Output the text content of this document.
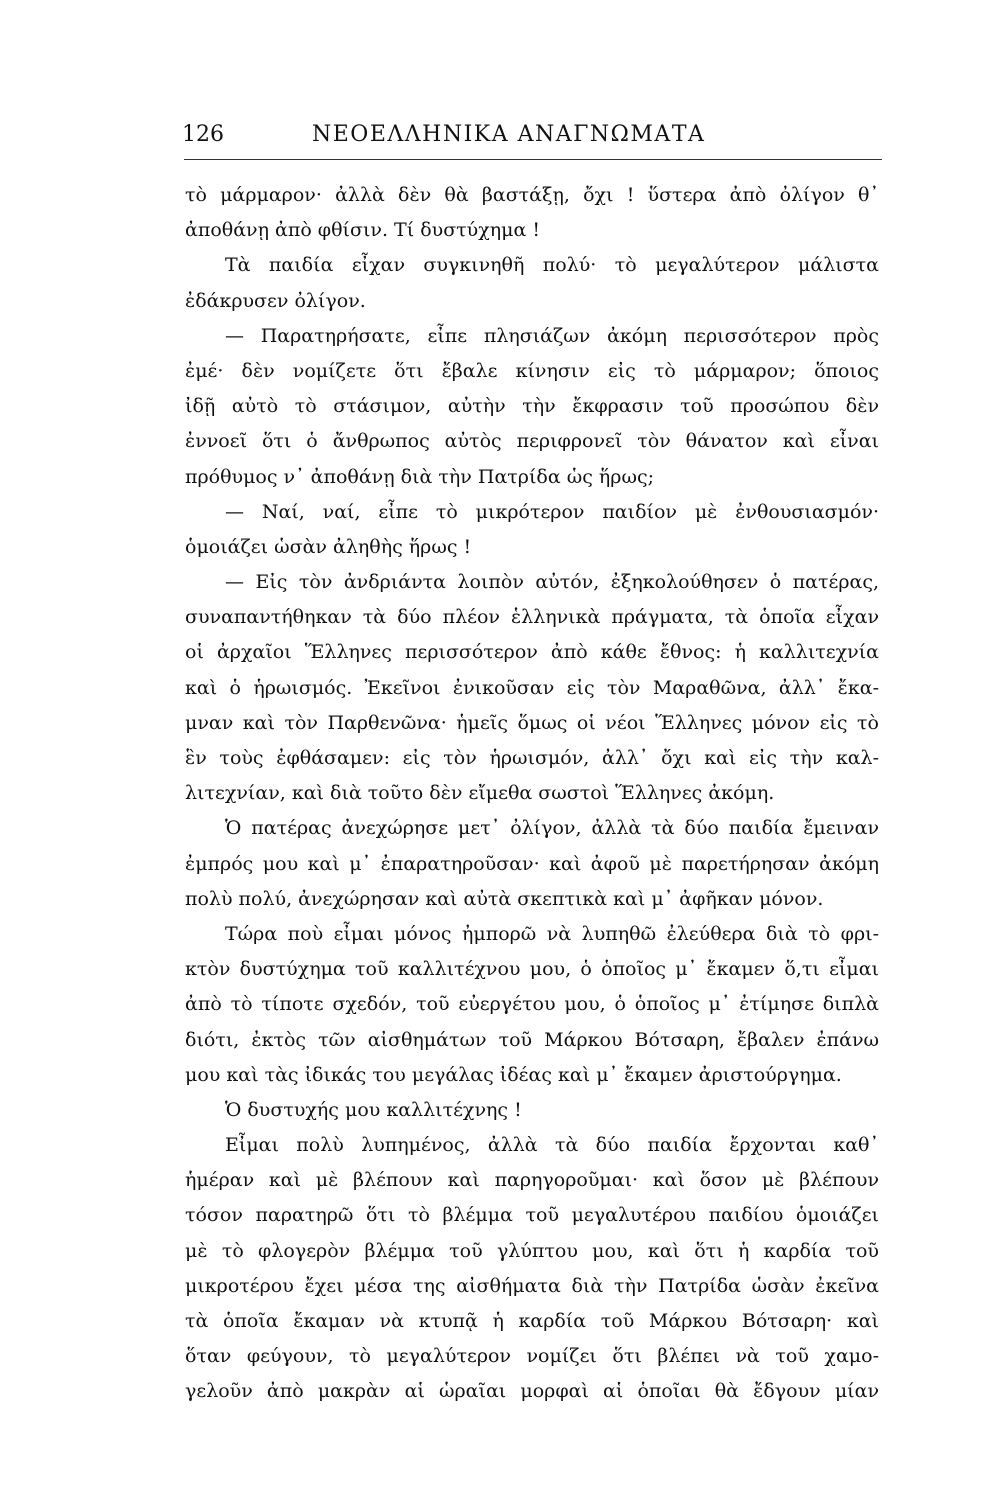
126	ΝΕΟΕΛΛΗΝΙΚΑ ΑΝΑΓΝΩΜΑΤΑ
τὸ μάρμαρον· ἀλλὰ δὲν θὰ βαστάξῃ, ὄχι ! ὕστερα ἀπὸ ὀλίγον θ᾽
ἀποθάνῃ ἀπὸ φθίσιν. Τί δυστύχημα !
Τὰ παιδία εἶχαν συγκινηθῆ πολύ· τὸ μεγαλύτερον μάλιστα
ἐδάκρυσεν ὀλίγον.
— Παρατηρήσατε, εἶπε πλησιάζων ἀκόμη περισσότερον πρὸς
ἐμέ· δὲν νομίζετε ὅτι ἔβαλε κίνησιν εἰς τὸ μάρμαρον; ὅποιος
ἰδῇ αὐτὸ τὸ στάσιμον, αὐτὴν τὴν ἔκφρασιν τοῦ προσώπου δὲν
ἐννοεῖ ὅτι ὁ ἄνθρωπος αὐτὸς περιφρονεῖ τὸν θάνατον καὶ εἶναι
πρόθυμος ν᾽ ἀποθάνῃ διὰ τὴν Πατρίδα ὡς ἥρως;
— Ναί, ναί, εἶπε τὸ μικρότερον παιδίον μὲ ἐνθουσιασμόν·
ὁμοιάζει ὡσὰν ἀληθὴς ἥρως !
— Εἰς τὸν ἀνδριάντα λοιπὸν αὐτόν, ἐξηκολούθησεν ὁ πατέρας,
συναπαντήθηκαν τὰ δύο πλέον ἑλληνικὰ πράγματα, τὰ ὁποῖα εἶχαν
οἱ ἀρχαῖοι Ἕλληνες περισσότερον ἀπὸ κάθε ἔθνος: ἡ καλλιτεχνία
καὶ ὁ ἡρωισμός. Ἐκεῖνοι ἐνικοῦσαν εἰς τὸν Μαραθῶνα, ἀλλ᾽ ἔκα-
μναν καὶ τὸν Παρθενῶνα· ἡμεῖς ὅμως οἱ νέοι Ἕλληνες μόνον εἰς τὸ
ἓν τοὺς ἐφθάσαμεν: εἰς τὸν ἡρωισμόν, ἀλλ᾽ ὄχι καὶ εἰς τὴν καλ-
λιτεχνίαν, καὶ διὰ τοῦτο δὲν εἴμεθα σωστοὶ Ἕλληνες ἀκόμη.
Ὁ πατέρας ἀνεχώρησε μετ᾽ ὀλίγον, ἀλλὰ τὰ δύο παιδία ἔμειναν
ἐμπρός μου καὶ μ᾽ ἐπαρατηροῦσαν· καὶ ἀφοῦ μὲ παρετήρησαν ἀκόμη
πολὺ πολύ, ἀνεχώρησαν καὶ αὐτὰ σκεπτικὰ καὶ μ᾽ ἀφῆκαν μόνον.
Τώρα ποὺ εἶμαι μόνος ἠμπορῶ νὰ λυπηθῶ ἐλεύθερα διὰ τὸ φρι-
κτὸν δυστύχημα τοῦ καλλιτέχνου μου, ὁ ὁποῖος μ᾽ ἔκαμεν ὅ,τι εἶμαι
ἀπὸ τὸ τίποτε σχεδόν, τοῦ εὐεργέτου μου, ὁ ὁποῖος μ᾽ ἐτίμησε διπλὰ
διότι, ἐκτὸς τῶν αἰσθημάτων τοῦ Μάρκου Βότσαρη, ἔβαλεν ἐπάνω
μου καὶ τὰς ἰδικάς του μεγάλας ἰδέας καὶ μ᾽ ἔκαμεν ἀριστούργημα.
Ὁ δυστυχής μου καλλιτέχνης !
Εἶμαι πολὺ λυπημένος, ἀλλὰ τὰ δύο παιδία ἔρχονται καθ᾽
ἡμέραν καὶ μὲ βλέπουν καὶ παρηγοροῦμαι· καὶ ὅσον μὲ βλέπουν
τόσον παρατηρῶ ὅτι τὸ βλέμμα τοῦ μεγαλυτέρου παιδίου ὁμοιάζει
μὲ τὸ φλογερὸν βλέμμα τοῦ γλύπτου μου, καὶ ὅτι ἡ καρδία τοῦ
μικροτέρου ἔχει μέσα της αἰσθήματα διὰ τὴν Πατρίδα ὡσὰν ἐκεῖνα
τὰ ὁποῖα ἔκαμαν νὰ κτυπᾷ ἡ καρδία τοῦ Μάρκου Βότσαρη· καὶ
ὅταν φεύγουν, τὸ μεγαλύτερον νομίζει ὅτι βλέπει νὰ τοῦ χαμο-
γελοῦν ἀπὸ μακρὰν αἱ ὡραῖαι μορφαὶ αἱ ὁποῖαι θὰ ἔδγουν μίαν
